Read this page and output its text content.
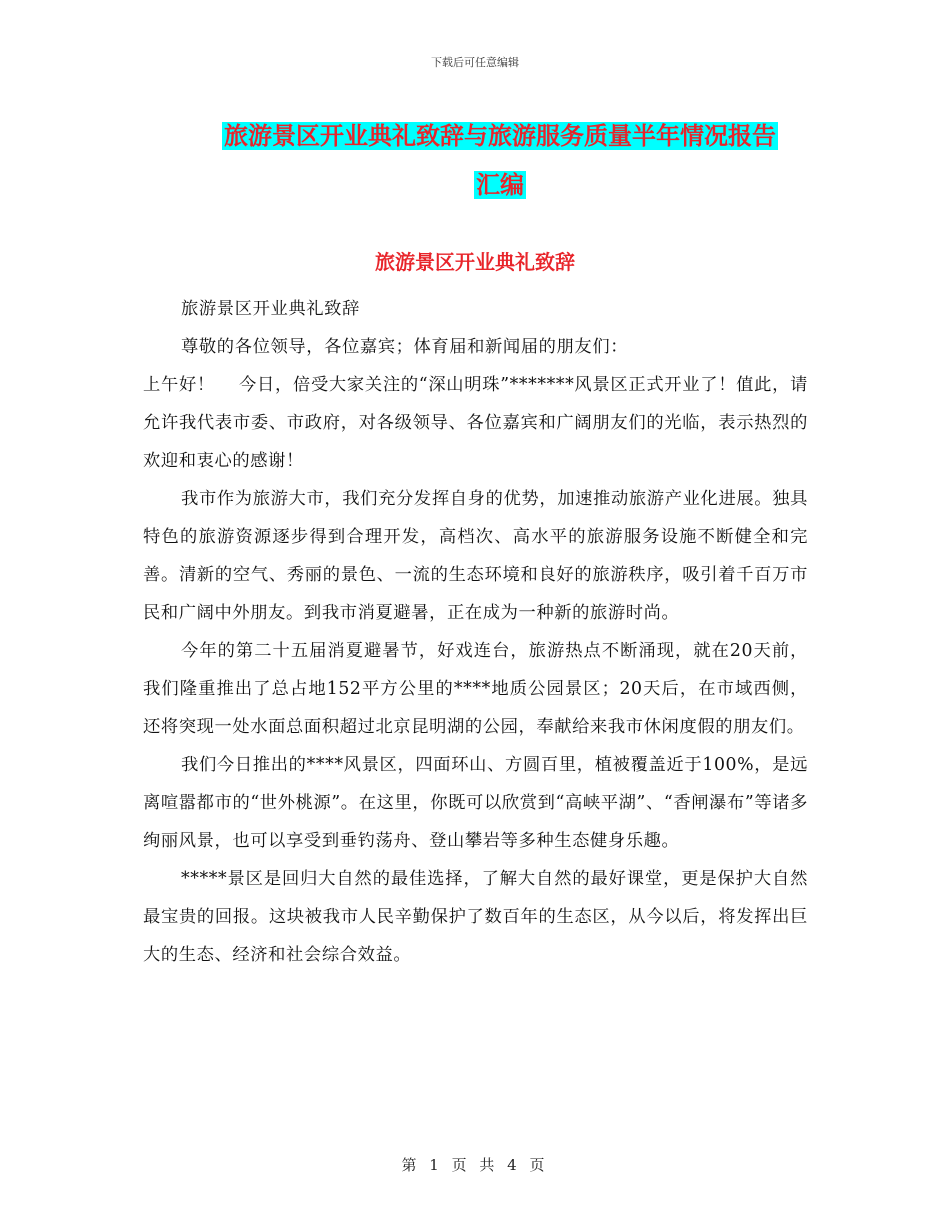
下载后可任意编辑
旅游景区开业典礼致辞与旅游服务质量半年情况报告
汇编
旅游景区开业典礼致辞

旅游景区开业典礼致辞

尊敬的各位领导，各位嘉宾；体育届和新闻届的朋友们：

上午好！　 今日，倍受大家关注的“深山明珠”*******风景区正式开业了！值此，请允许我代表市委、市政府，对各级领导、各位嘉宾和广阔朋友们的光临，表示热烈的欢迎和衷心的感谢！

我市作为旅游大市，我们充分发挥自身的优势，加速推动旅游产业化进展。独具特色的旅游资源逐步得到合理开发，高档次、高水平的旅游服务设施不断健全和完善。清新的空气、秀丽的景色、一流的生态环境和良好的旅游秩序，吸引着千百万市民和广阔中外朋友。到我市消夏避暑，正在成为一种新的旅游时尚。

今年的第二十五届消夏避暑节，好戏连台，旅游热点不断涌现，就在20天前，我们隆重推出了总占地152平方公里的****地质公园景区；20天后，在市域西侧，还将突现一处水面总面积超过北京昆明湖的公园，奉献给来我市休闲度假的朋友们。

我们今日推出的****风景区，四面环山、方圆百里，植被覆盖近于100%，是远离喧嚣都市的“世外桃源”。在这里，你既可以欣赏到“高峡平湖”、“香闸瀑布”等诸多绚丽风景，也可以享受到垂钓荡舟、登山攀岩等多种生态健身乐趣。

*****景区是回归大自然的最佳选择，了解大自然的最好课堂，更是保护大自然最宝贵的回报。这块被我市人民辛勤保护了数百年的生态区，从今以后，将发挥出巨大的生态、经济和社会综合效益。

第 1 页 共 4 页
